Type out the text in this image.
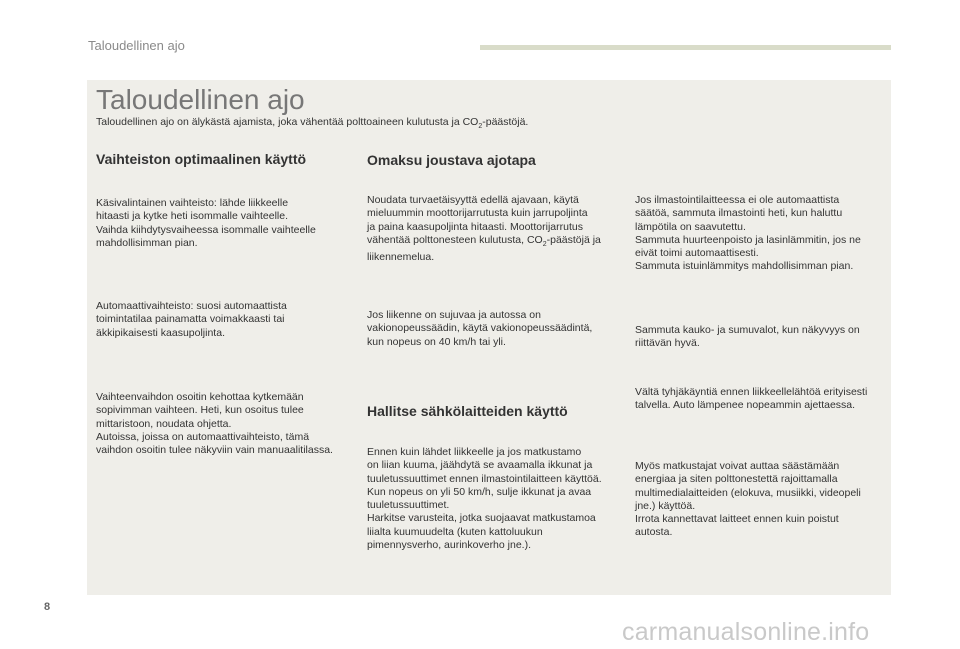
Taloudellinen ajo
Taloudellinen ajo
Taloudellinen ajo on älykästä ajamista, joka vähentää polttoaineen kulutusta ja $CO_2$-päästöjä.
Vaihteiston optimaalinen käyttö

Käsivalintainen vaihteisto: lähde liikkeelle
hitaasti ja kytke heti isommalle vaihteelle.
Vaihda kiihdytysvaiheessa isommalle vaihteelle
mahdollisimman pian.

Automaattivaihteisto: suosi automaattista
toimintatilaa painamatta voimakkaasti tai
äkkipikaisesti kaasupoljinta.

Vaihteenvaihdon osoitin kehottaa kytkemään
sopivimman vaihteen. Heti, kun osoitus tulee
mittaristoon, noudata ohjetta.
Autoissa, joissa on automaattivaihteisto, tämä
vaihdon osoitin tulee näkyviin vain manuaalitilassa.

Omaksu joustava ajotapa

Noudata turvaetäisyyttä edellä ajavaan, käytä
mieluummin moottorijarrutusta kuin jarrupoljinta
ja paina kaasupoljinta hitaasti. Moottorijarrutus
vähentää polttonesteen kulutusta, $CO_2$-päästöjä ja
liikennemelua.

Jos liikenne on sujuvaa ja autossa on
vakionopeussäädin, käytä vakionopeussäädintä,
kun nopeus on 40 km/h tai yli.

Hallitse sähkölaitteiden käyttö

Ennen kuin lähdet liikkeelle ja jos matkustamo
on liian kuuma, jäähdytä se avaamalla ikkunat ja
tuuletussuuttimet ennen ilmastointilaitteen käyttöä.
Kun nopeus on yli 50 km/h, sulje ikkunat ja avaa
tuuletussuuttimet.
Harkitse varusteita, jotka suojaavat matkustamoa
liialta kuumuudelta (kuten kattoluukun
pimennysverho, aurinkoverho jne.).

Jos ilmastointilaitteessa ei ole automaattista
säätöä, sammuta ilmastointi heti, kun haluttu
lämpötila on saavutettu.
Sammuta huurteenpoisto ja lasinlämmitin, jos ne
eivät toimi automaattisesti.
Sammuta istuinlämmitys mahdollisimman pian.

Sammuta kauko- ja sumuvalot, kun näkyvyys on
riittävän hyvä.

Vältä tyhjäkäyntiä ennen liikkeellelähtöä erityisesti
talvella. Auto lämpenee nopeammin ajettaessa.

Myös matkustajat voivat auttaa säästämään
energiaa ja siten polttonestettä rajoittamalla
multimedialaitteiden (elokuva, musiikki, videopeli
jne.) käyttöä.
Irrota kannettavat laitteet ennen kuin poistut
autosta.

8
carmanualsonline.info
